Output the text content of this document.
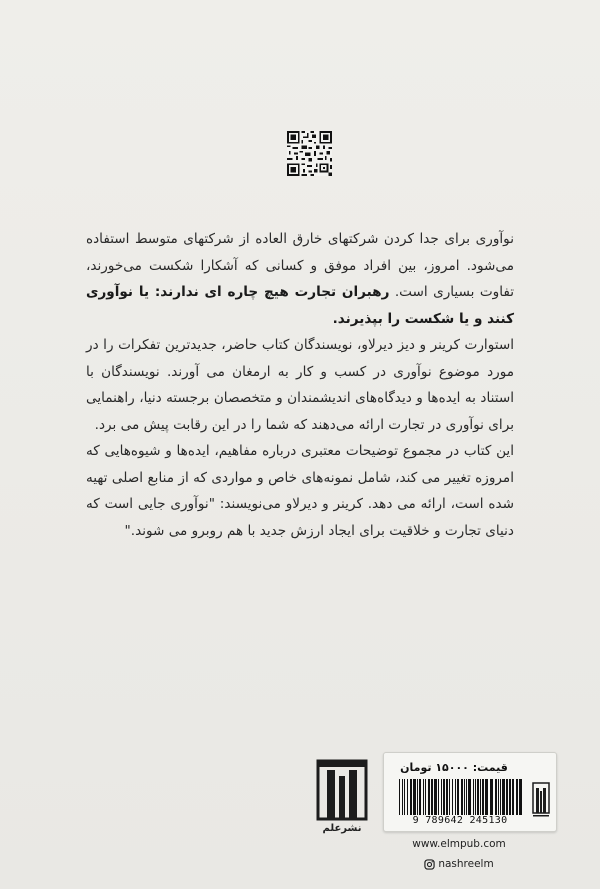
نوآوری برای جدا کردن شرکتهای خارق العاده از شرکتهای متوسط استفاده می‌شود. امروز، بین افراد موفق و کسانی که آشکارا شکست می‌خورند، تفاوت بسیاری است. رهبران تجارت هیچ چاره ای ندارند: یا نوآوری کنند و یا شکست را بپذیرند.

استوارت کرینر و دیز دیرلاو، نویسندگان کتاب حاضر، جدیدترین تفکرات را در مورد موضوع نوآوری در کسب و کار به ارمغان می آورند. نویسندگان با استناد به ایده‌ها و دیدگاه‌های اندیشمندان و متخصصان برجسته دنیا، راهنمایی برای نوآوری در تجارت ارائه می‌دهند که شما را در این رقابت پیش می برد.

این کتاب در مجموع توضیحات معتبری درباره مفاهیم، ایده‌ها و شیوه‌هایی که امروزه تغییر می کند، شامل نمونه‌های خاص و مواردی که از منابع اصلی تهیه شده است، ارائه می دهد. کرینر و دیرلاو می‌نویسند: "نوآوری جایی است که دنیای تجارت و خلاقیت برای ایجاد ارزش جدید با هم روبرو می شوند."

نشرعلم
قیمت: ۱۵۰۰۰ تومان
9 789642 245130
www.elmpub.com
nashreelm
